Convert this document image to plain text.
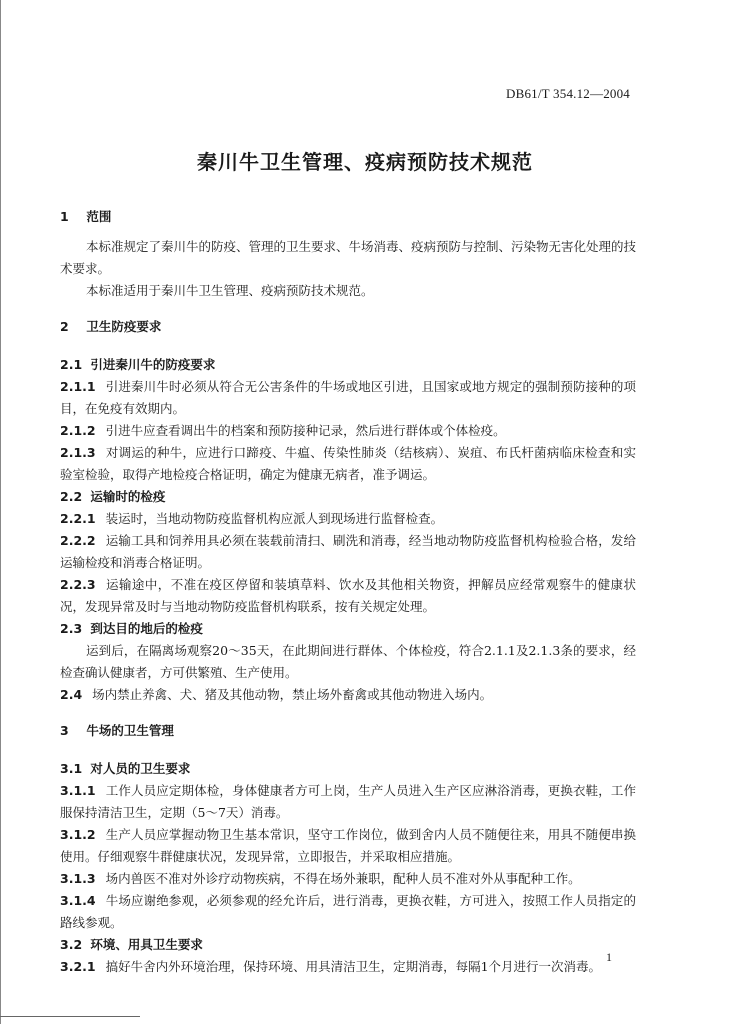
DB61/T 354.12—2004
秦川牛卫生管理、疫病预防技术规范
1 范围
本标准规定了秦川牛的防疫、管理的卫生要求、牛场消毒、疫病预防与控制、污染物无害化处理的技术要求。
本标准适用于秦川牛卫生管理、疫病预防技术规范。
2 卫生防疫要求
2.1 引进秦川牛的防疫要求
2.1.1 引进秦川牛时必须从符合无公害条件的牛场或地区引进，且国家或地方规定的强制预防接种的项目，在免疫有效期内。
2.1.2 引进牛应查看调出牛的档案和预防接种记录，然后进行群体或个体检疫。
2.1.3 对调运的种牛，应进行口蹄疫、牛瘟、传染性肺炎（结核病）、炭疽、布氏杆菌病临床检查和实验室检验，取得产地检疫合格证明，确定为健康无病者，准予调运。
2.2 运输时的检疫
2.2.1 装运时，当地动物防疫监督机构应派人到现场进行监督检查。
2.2.2 运输工具和饲养用具必须在装载前清扫、刷洗和消毒，经当地动物防疫监督机构检验合格，发给运输检疫和消毒合格证明。
2.2.3 运输途中，不准在疫区停留和装填草料、饮水及其他相关物资，押解员应经常观察牛的健康状况，发现异常及时与当地动物防疫监督机构联系，按有关规定处理。
2.3 到达目的地后的检疫
运到后，在隔离场观察20～35天，在此期间进行群体、个体检疫，符合2.1.1及2.1.3条的要求，经检查确认健康者，方可供繁殖、生产使用。
2.4 场内禁止养禽、犬、猪及其他动物，禁止场外畜禽或其他动物进入场内。
3 牛场的卫生管理
3.1 对人员的卫生要求
3.1.1 工作人员应定期体检，身体健康者方可上岗，生产人员进入生产区应淋浴消毒，更换衣鞋，工作服保持清洁卫生，定期（5～7天）消毒。
3.1.2 生产人员应掌握动物卫生基本常识，坚守工作岗位，做到舍内人员不随便往来，用具不随便串换使用。仔细观察牛群健康状况，发现异常，立即报告，并采取相应措施。
3.1.3 场内兽医不准对外诊疗动物疾病，不得在场外兼职，配种人员不准对外从事配种工作。
3.1.4 牛场应谢绝参观，必须参观的经允许后，进行消毒，更换衣鞋，方可进入，按照工作人员指定的路线参观。
3.2 环境、用具卫生要求
3.2.1 搞好牛舍内外环境治理，保持环境、用具清洁卫生，定期消毒，每隔1个月进行一次消毒。
1
